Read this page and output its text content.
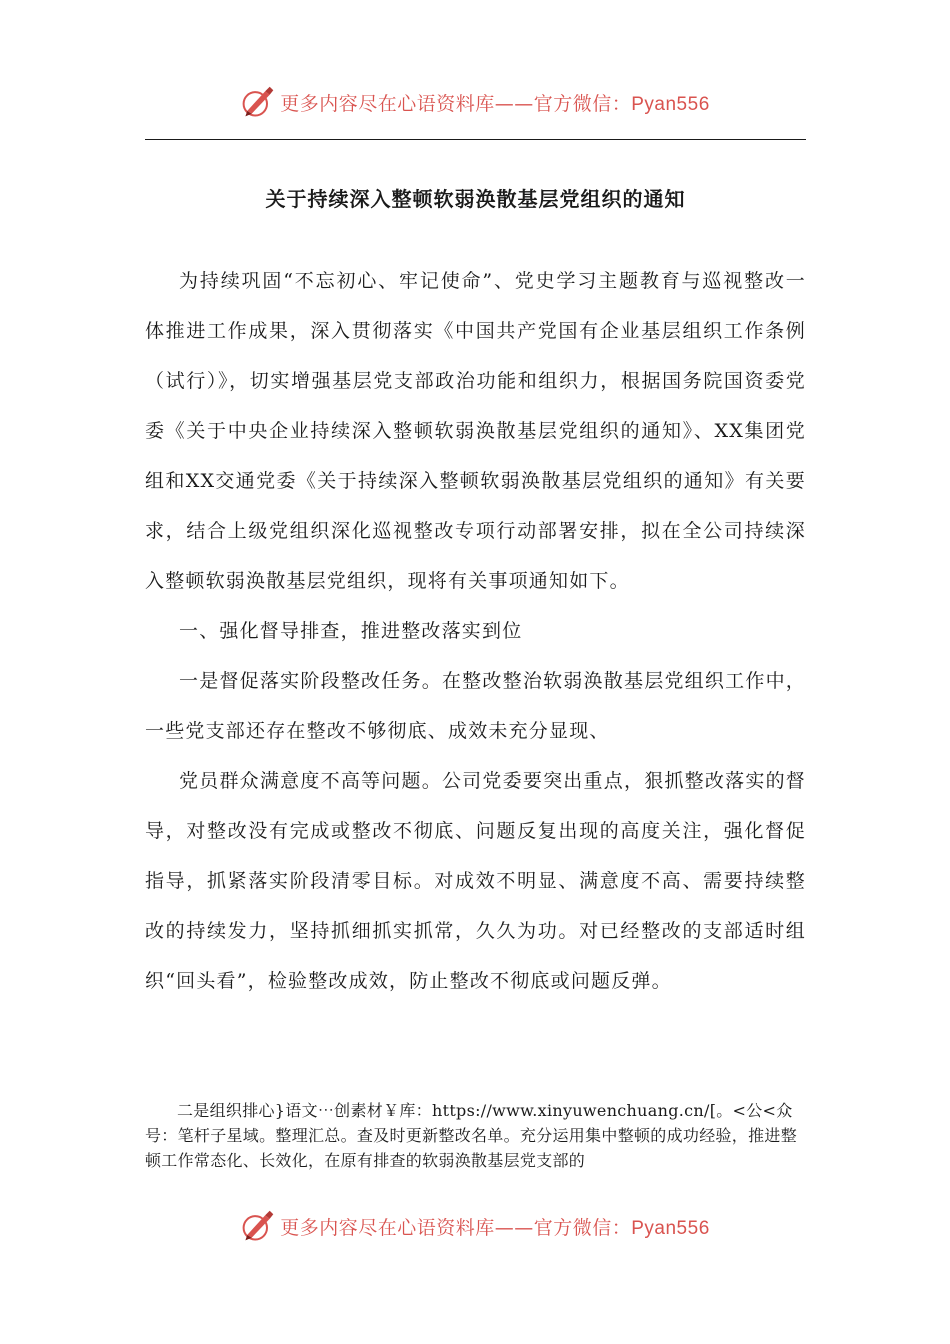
更多内容尽在心语资料库——官方微信：Pyan556
关于持续深入整顿软弱涣散基层党组织的通知

为持续巩固“不忘初心、牢记使命”、党史学习主题教育与巡视整改一体推进工作成果，深入贯彻落实《中国共产党国有企业基层组织工作条例（试行）》，切实增强基层党支部政治功能和组织力，根据国务院国资委党委《关于中央企业持续深入整顿软弱涣散基层党组织的通知》、XX集团党组和XX交通党委《关于持续深入整顿软弱涣散基层党组织的通知》有关要求，结合上级党组织深化巡视整改专项行动部署安排，拟在全公司持续深入整顿软弱涣散基层党组织，现将有关事项通知如下。

一、强化督导排查，推进整改落实到位

一是督促落实阶段整改任务。在整改整治软弱涣散基层党组织工作中，一些党支部还存在整改不够彻底、成效未充分显现、

党员群众满意度不高等问题。公司党委要突出重点，狠抓整改落实的督导，对整改没有完成或整改不彻底、问题反复出现的高度关注，强化督促指导，抓紧落实阶段清零目标。对成效不明显、满意度不高、需要持续整改的持续发力，坚持抓细抓实抓常，久久为功。对已经整改的支部适时组织“回头看”，检验整改成效，防止整改不彻底或问题反弹。

二是组织排心}语文⋯创素材￥库：https://www.xinyuwenchuang.cn/[。<公<众号：笔杆子星域。整理汇总。查及时更新整改名单。充分运用集中整顿的成功经验，推进整顿工作常态化、长效化，在原有排查的软弱涣散基层党支部的

更多内容尽在心语资料库——官方微信：Pyan556
